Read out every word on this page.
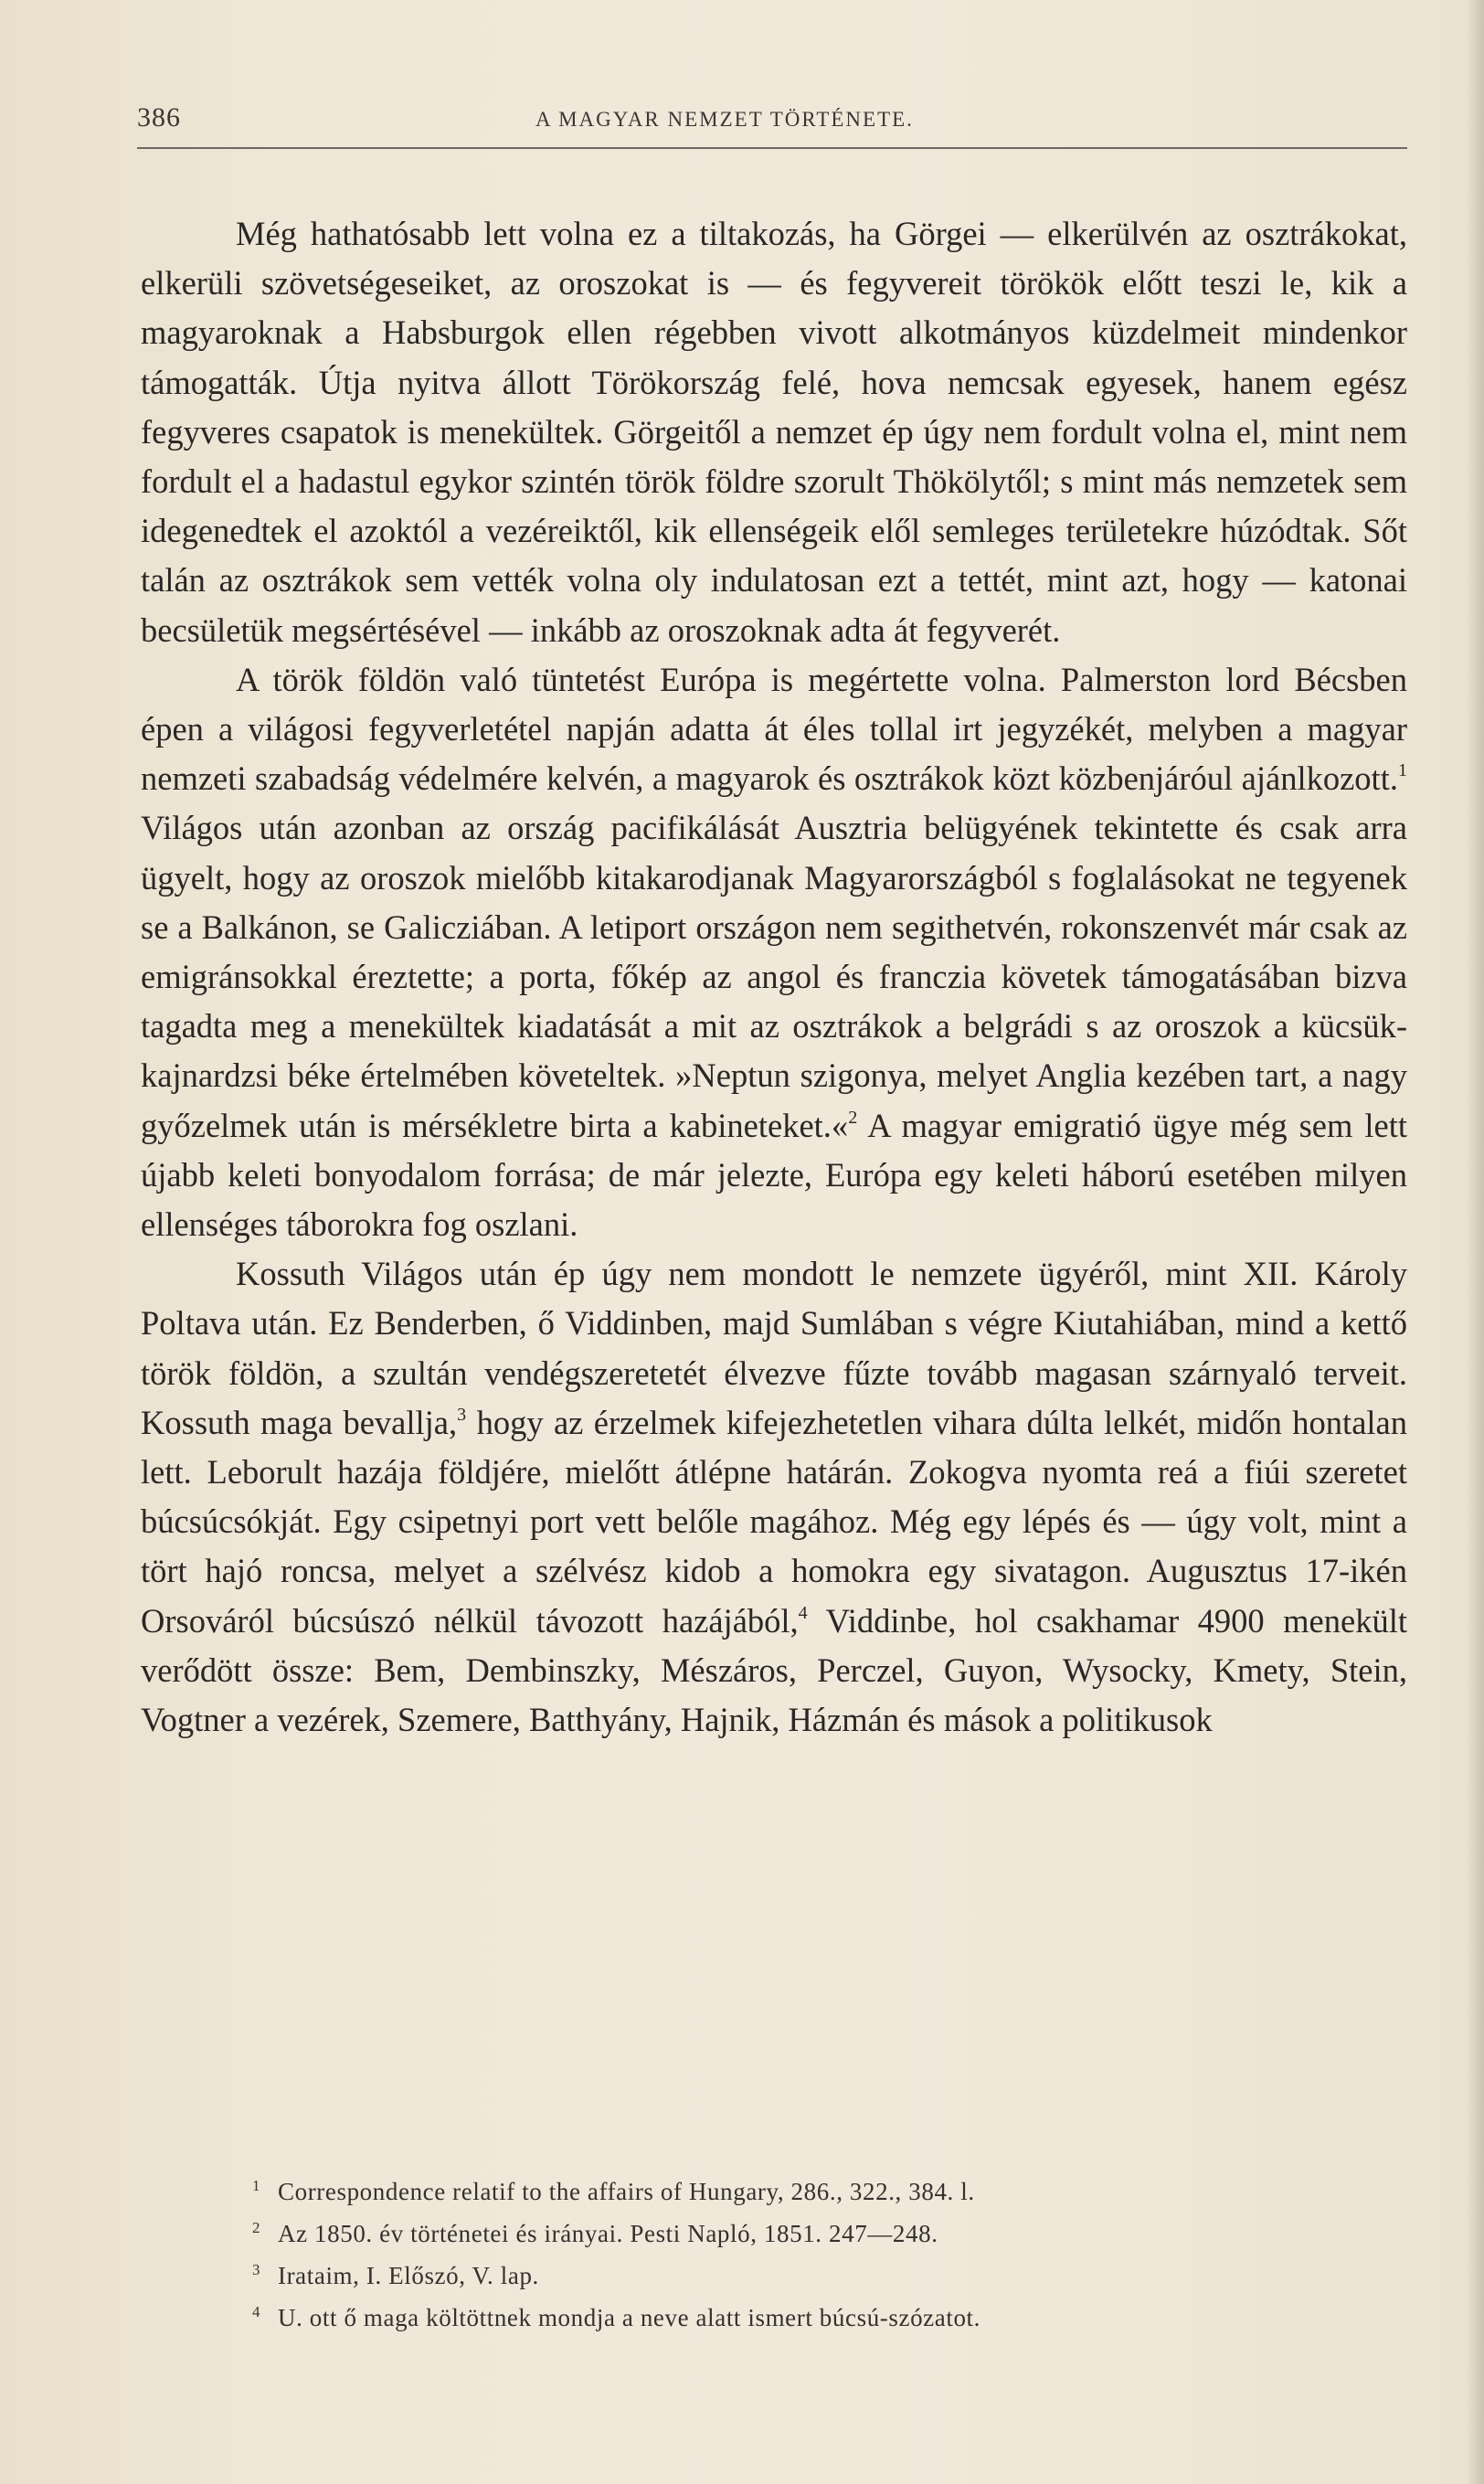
386	A MAGYAR NEMZET TÖRTÉNETE.

Még hathatósabb lett volna ez a tiltakozás, ha Görgei — elkerülvén az osztrákokat, elkerüli szövetségeseiket, az oroszokat is — és fegyvereit törökök előtt teszi le, kik a magyaroknak a Habsburgok ellen régebben vivott alkotmányos küzdelmeit mindenkor támogatták. Útja nyitva állott Törökország felé, hova nemcsak egyesek, hanem egész fegyveres csapatok is menekültek. Görgeitől a nemzet ép úgy nem fordult volna el, mint nem fordult el a hadastul egykor szintén török földre szorult Thökölytől; s mint más nemzetek sem idegenedtek el azoktól a vezéreiktől, kik ellenségeik elől semleges területekre húzódtak. Sőt talán az osztrákok sem vették volna oly indulatosan ezt a tettét, mint azt, hogy — katonai becsületük megsértésével — inkább az oroszoknak adta át fegyverét.

A török földön való tüntetést Európa is megértette volna. Palmerston lord Bécsben épen a világosi fegyverletétel napján adatta át éles tollal irt jegyzékét, melyben a magyar nemzeti szabadság védelmére kelvén, a magyarok és osztrákok közt közbenjáróul ajánlkozott.$^1$ Világos után azonban az ország pacifikálását Ausztria belügyének tekintette és csak arra ügyelt, hogy az oroszok mielőbb kitakarodjanak Magyarországból s foglalásokat ne tegyenek se a Balkánon, se Galicziában. A letiport országon nem segithetvén, rokonszenvét már csak az emigránsokkal éreztette; a porta, főkép az angol és franczia követek támogatásában bizva tagadta meg a menekültek kiadatását a mit az osztrákok a belgrádi s az oroszok a kücsük-kajnardzsi béke értelmében követeltek. »Neptun szigonya, melyet Anglia kezében tart, a nagy győzelmek után is mérsékletre birta a kabineteket.«$^2$ A magyar emigratió ügye még sem lett újabb keleti bonyodalom forrása; de már jelezte, Európa egy keleti háború esetében milyen ellenséges táborokra fog oszlani.

Kossuth Világos után ép úgy nem mondott le nemzete ügyéről, mint XII. Károly Poltava után. Ez Benderben, ő Viddinben, majd Sumlában s végre Kiutahiában, mind a kettő török földön, a szultán vendégszeretetét élvezve fűzte tovább magasan szárnyaló terveit. Kossuth maga bevallja,$^3$ hogy az érzelmek kifejezhetetlen vihara dúlta lelkét, midőn hontalan lett. Leborult hazája földjére, mielőtt átlépne határán. Zokogva nyomta reá a fiúi szeretet búcsúcsókját. Egy csipetnyi port vett belőle magához. Még egy lépés és — úgy volt, mint a tört hajó roncsa, melyet a szélvész kidob a homokra egy sivatagon. Augusztus 17-ikén Orsováról búcsúszó nélkül távozott hazájából,$^4$ Viddinbe, hol csakhamar 4900 menekült verődött össze: Bem, Dembinszky, Mészáros, Perczel, Guyon, Wysocky, Kmety, Stein, Vogtner a vezérek, Szemere, Batthyány, Hajnik, Házmán és mások a politikusok

1 Correspondence relatif to the affairs of Hungary, 286., 322., 384. l.
2 Az 1850. év történetei és irányai. Pesti Napló, 1851. 247—248.
3 Irataim, I. Előszó, V. lap.
4 U. ott ő maga költöttnek mondja a neve alatt ismert búcsú-szózatot.
